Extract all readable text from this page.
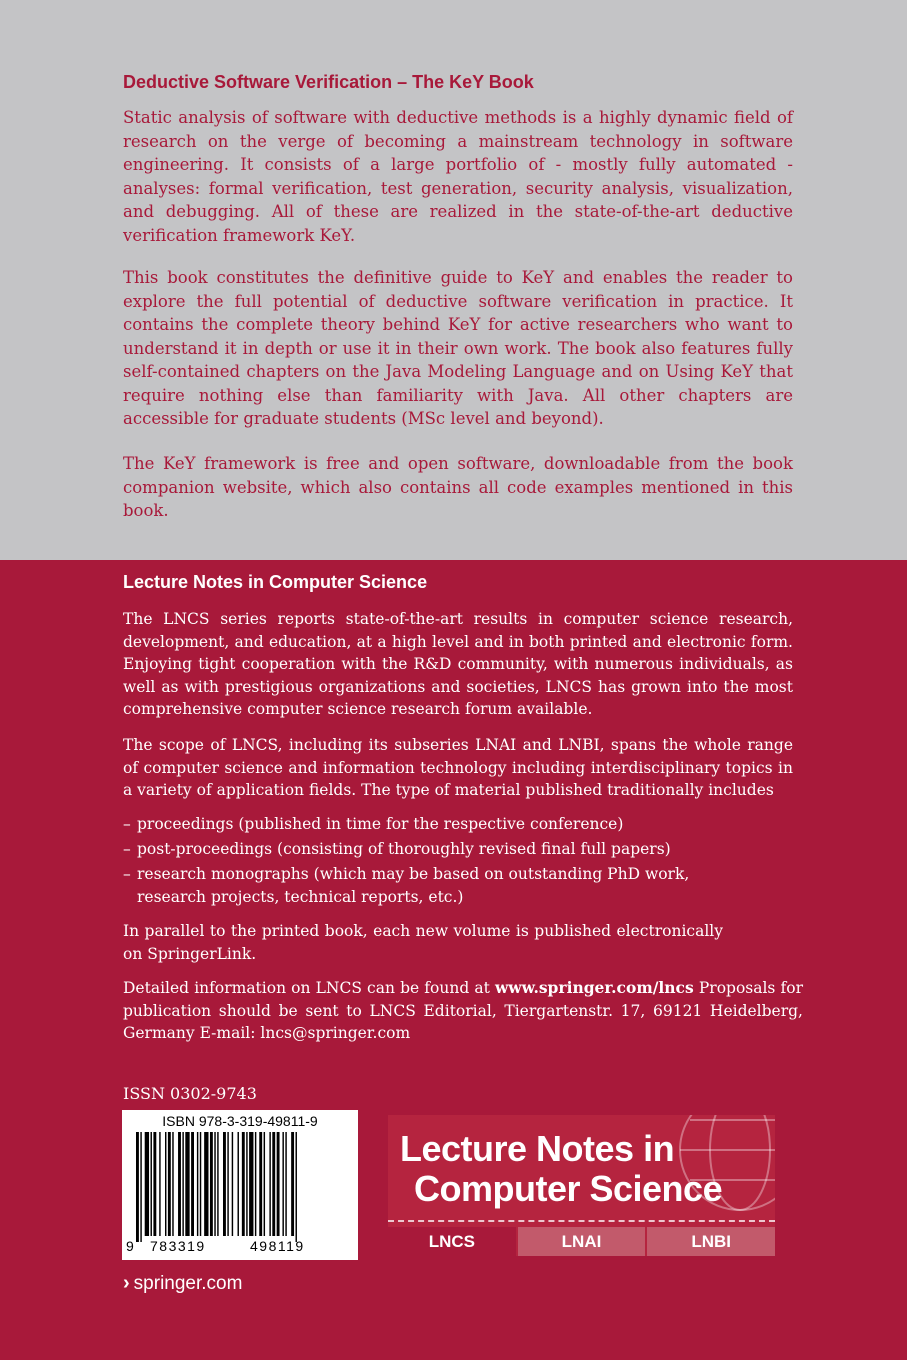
Deductive Software Verification – The KeY Book
Static analysis of software with deductive methods is a highly dynamic field of research on the verge of becoming a mainstream technology in software engineering. It consists of a large portfolio of - mostly fully automated - analyses: formal verification, test generation, security analysis, visualization, and debugging. All of these are realized in the state-of-the-art deductive verification framework KeY.
This book constitutes the definitive guide to KeY and enables the reader to explore the full potential of deductive software verification in practice. It contains the complete theory behind KeY for active researchers who want to understand it in depth or use it in their own work. The book also features fully self-contained chapters on the Java Modeling Language and on Using KeY that require nothing else than familiarity with Java. All other chapters are accessible for graduate students (MSc level and beyond).
The KeY framework is free and open software, downloadable from the book companion website, which also contains all code examples mentioned in this book.
Lecture Notes in Computer Science
The LNCS series reports state-of-the-art results in computer science research, development, and education, at a high level and in both printed and electronic form. Enjoying tight cooperation with the R&D community, with numerous individuals, as well as with prestigious organizations and societies, LNCS has grown into the most comprehensive computer science research forum available.
The scope of LNCS, including its subseries LNAI and LNBI, spans the whole range of computer science and information technology including interdisciplinary topics in a variety of application fields. The type of material published traditionally includes
– proceedings (published in time for the respective conference)
– post-proceedings (consisting of thoroughly revised final full papers)
– research monographs (which may be based on outstanding PhD work, research projects, technical reports, etc.)
In parallel to the printed book, each new volume is published electronically on SpringerLink.
Detailed information on LNCS can be found at www.springer.com/lncs Proposals for publication should be sent to LNCS Editorial, Tiergartenstr. 17, 69121 Heidelberg, Germany E-mail: lncs@springer.com
ISSN 0302-9743
ISBN 978-3-319-49811-9
9 783319	498119
› springer.com
Lecture Notes in
Computer Science
LNCS	LNAI	LNBI
